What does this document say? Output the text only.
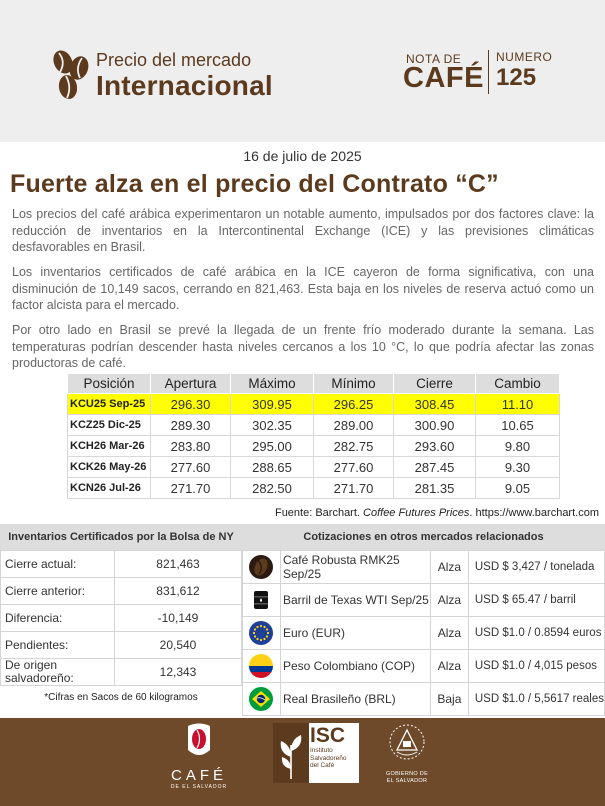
Precio del mercado
Internacional
NOTA DE
CAFÉ
NUMERO
125
16 de julio de 2025
Fuerte alza en el precio del Contrato “C”

Los precios del café arábica experimentaron un notable aumento, impulsados por dos factores clave: la reducción de inventarios en la Intercontinental Exchange (ICE) y las previsiones climáticas desfavorables en Brasil.

Los inventarios certificados de café arábica en la ICE cayeron de forma significativa, con una disminución de 10,149 sacos, cerrando en 821,463. Esta baja en los niveles de reserva actuó como un factor alcista para el mercado.

Por otro lado en Brasil se prevé la llegada de un frente frío moderado durante la semana. Las temperaturas podrían descender hasta niveles cercanos a los 10 °C, lo que podría afectar las zonas productoras de café.

Posición	Apertura	Máximo	Mínimo	Cierre	Cambio
KCU25 Sep-25	296.30	309.95	296.25	308.45	11.10
KCZ25 Dic-25	289.30	302.35	289.00	300.90	10.65
KCH26 Mar-26	283.80	295.00	282.75	293.60	9.80
KCK26 May-26	277.60	288.65	277.60	287.45	9.30
KCN26 Jul-26	271.70	282.50	271.70	281.35	9.05
Fuente: Barchart. Coffee Futures Prices. https://www.barchart.com
Inventarios Certificados por la Bolsa de NY
Cierre actual:	821,463
Cierre anterior:	831,612
Diferencia:	-10,149
Pendientes:	20,540
De origen salvadoreño:	12,343
*Cifras en Sacos de 60 kilogramos
Cotizaciones en otros mercados relacionados
	Café Robusta RMK25 Sep/25	Alza	USD $ 3,427 / tonelada
	Barril de Texas WTI Sep/25	Alza	USD $ 65.47 / barril
	Euro (EUR)	Alza	USD $1.0 / 0.8594 euros
	Peso Colombiano (COP)	Alza	USD $1.0 / 4,015 pesos
	Real Brasileño (BRL)	Baja	USD $1.0 / 5,5617 reales
CAFÉ
DE EL SALVADOR
ISC
Instituto
Salvadoreño
del Café
GOBIERNO DE
EL SALVADOR
